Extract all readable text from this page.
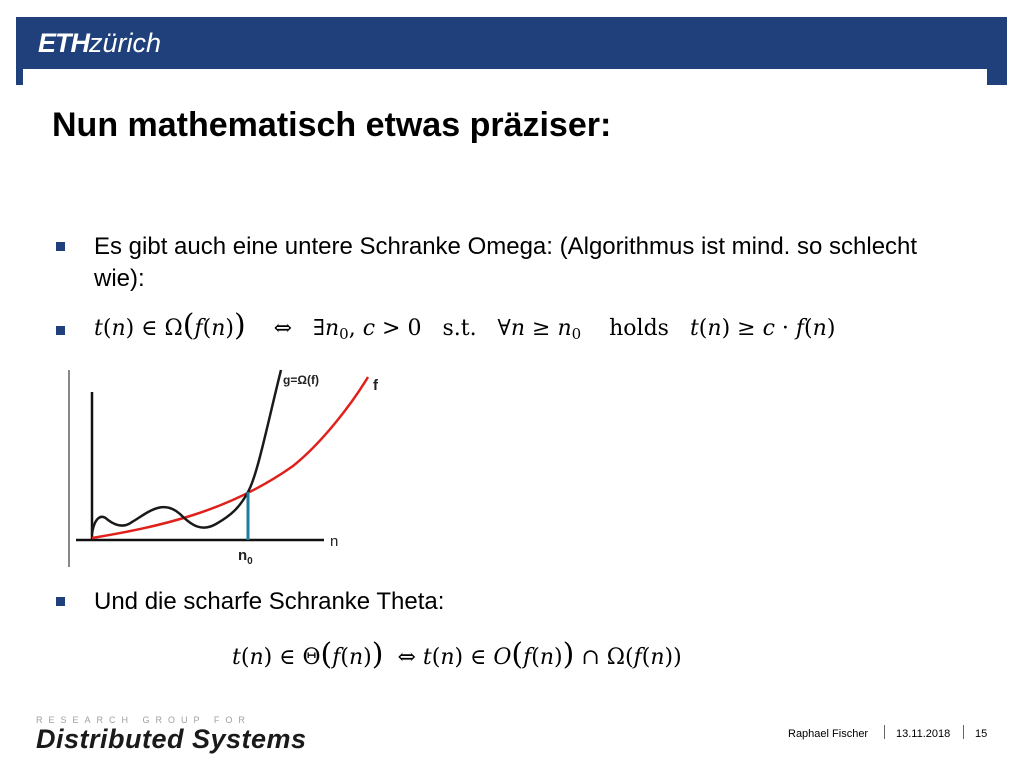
ETHzürich
Nun mathematisch etwas präziser:
Es gibt auch eine untere Schranke Omega: (Algorithmus ist mind. so schlecht wie):
t(n) ∈ Ω(f(n))    ⇔   $\exists n_0$, c > 0   s.t.   ∀n ≥ $n_0$ holds t(n) ≥ c · f(n)
g=Ω(f)	f
n
$n_0$
Und die scharfe Schranke Theta:
t(n) ∈ Θ(f(n))  ⇔ t(n) ∈ O(f(n)) ∩ Ω(f(n))
RESEARCH GROUP FOR
Distributed Systems	Raphael Fischer	13.11.2018 15
